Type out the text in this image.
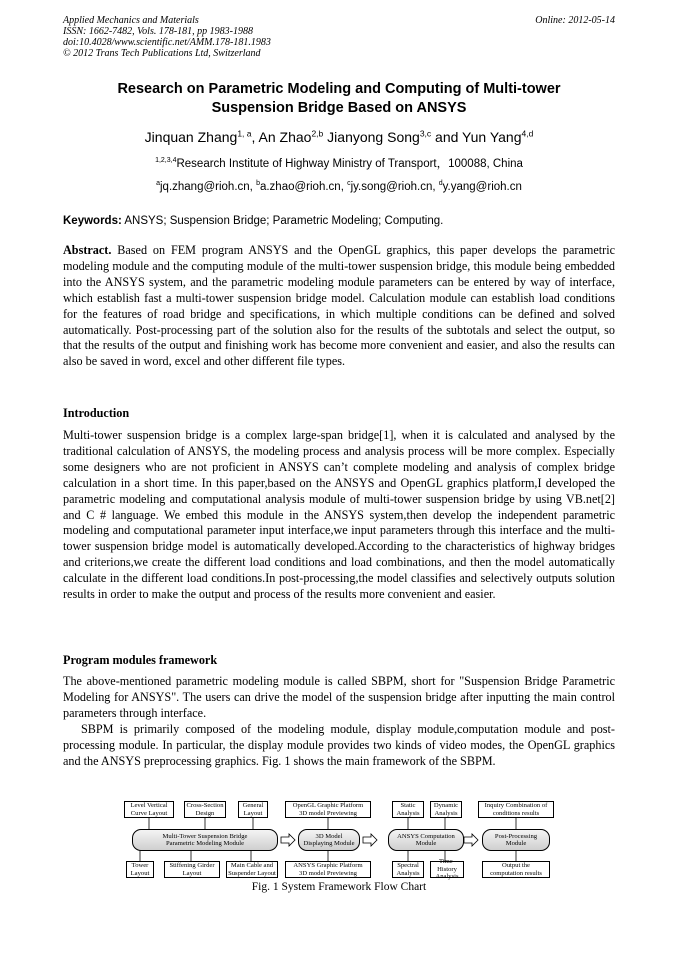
Applied Mechanics and Materials
ISSN: 1662-7482, Vols. 178-181, pp 1983-1988
doi:10.4028/www.scientific.net/AMM.178-181.1983
© 2012 Trans Tech Publications Ltd, Switzerland
Online: 2012-05-14
Research on Parametric Modeling and Computing of Multi-tower
Suspension Bridge Based on ANSYS
Jinquan Zhang$^{1, a}$, An Zhao$^{2,b}$ Jianyong Song$^{3,c}$ and Yun Yang$^{4,d}$
$^{1,2,3,4}$Research Institute of Highway Ministry of Transport，100088, China
$^a$jq.zhang@rioh.cn, $^b$a.zhao@rioh.cn, $^c$jy.song@rioh.cn, $^d$y.yang@rioh.cn
Keywords: ANSYS; Suspension Bridge; Parametric Modeling; Computing.
Abstract. Based on FEM program ANSYS and the OpenGL graphics, this paper develops the parametric modeling module and the computing module of the multi-tower suspension bridge, this module being embedded into the ANSYS system, and the parametric modeling module parameters can be entered by way of interface, which establish fast a multi-tower suspension bridge model. Calculation module can establish load conditions for the features of road bridge and specifications, in which multiple conditions can be defined and solved automatically. Post-processing part of the solution also for the results of the subtotals and select the output, so that the results of the output and finishing work has become more convenient and easier, and also the results can also be saved in word, excel and other different file types.
Introduction
Multi-tower suspension bridge is a complex large-span bridge[1], when it is calculated and analysed by the traditional calculation of ANSYS, the modeling process and analysis process will be more complex. Especially some designers who are not proficient in ANSYS can’t complete modeling and analysis of complex bridge calculation in a short time. In this paper,based on the ANSYS and OpenGL graphics platform,I developed the parametric modeling and computational analysis module of multi-tower suspension bridge by using VB.net[2] and C # language. We embed this module in the ANSYS system,then develop the independent parametric modeling and computational parameter input interface,we input parameters through this interface and the multi-tower suspension bridge model is automatically developed.According to the characteristics of highway bridges and criterions,we create the different load conditions and load combinations, and then the model automatically calculate in the different load conditions.In post-processing,the model classifies and selectively outputs solution results in order to make the output and process of the results more convenient and easier.
Program modules framework
The above-mentioned parametric modeling module is called SBPM, short for "Suspension Bridge Parametric Modeling for ANSYS". The users can drive the model of the suspension bridge after inputting the main control parameters through interface.
SBPM is primarily composed of the modeling module, display module,computation module and post-processing module. In particular, the display module provides two kinds of video modes, the OpenGL graphics and the ANSYS preprocessing graphics. Fig. 1 shows the main framework of the SBPM.
Level Vertical
Curve Layout
Cross-Section
Design
General
Layout
OpenGL Graphic Platform
3D model Previewing
Static
Analysis
Dynamic
Analysis
Inquiry Combination of
conditions results
Multi-Tower Suspension Bridge
Parametric Modeling Module
3D Model
Displaying Module
ANSYS Computation
Module
Post-Processing
Module
Tower
Layout
Stiffening Girder
Layout
Main Cable and
Suspender Layout
ANSYS Graphic Platform
3D model Previewing
Spectral
Analysis
Time-History
Analysis
Output the
computation results
Fig. 1 System Framework Flow Chart
